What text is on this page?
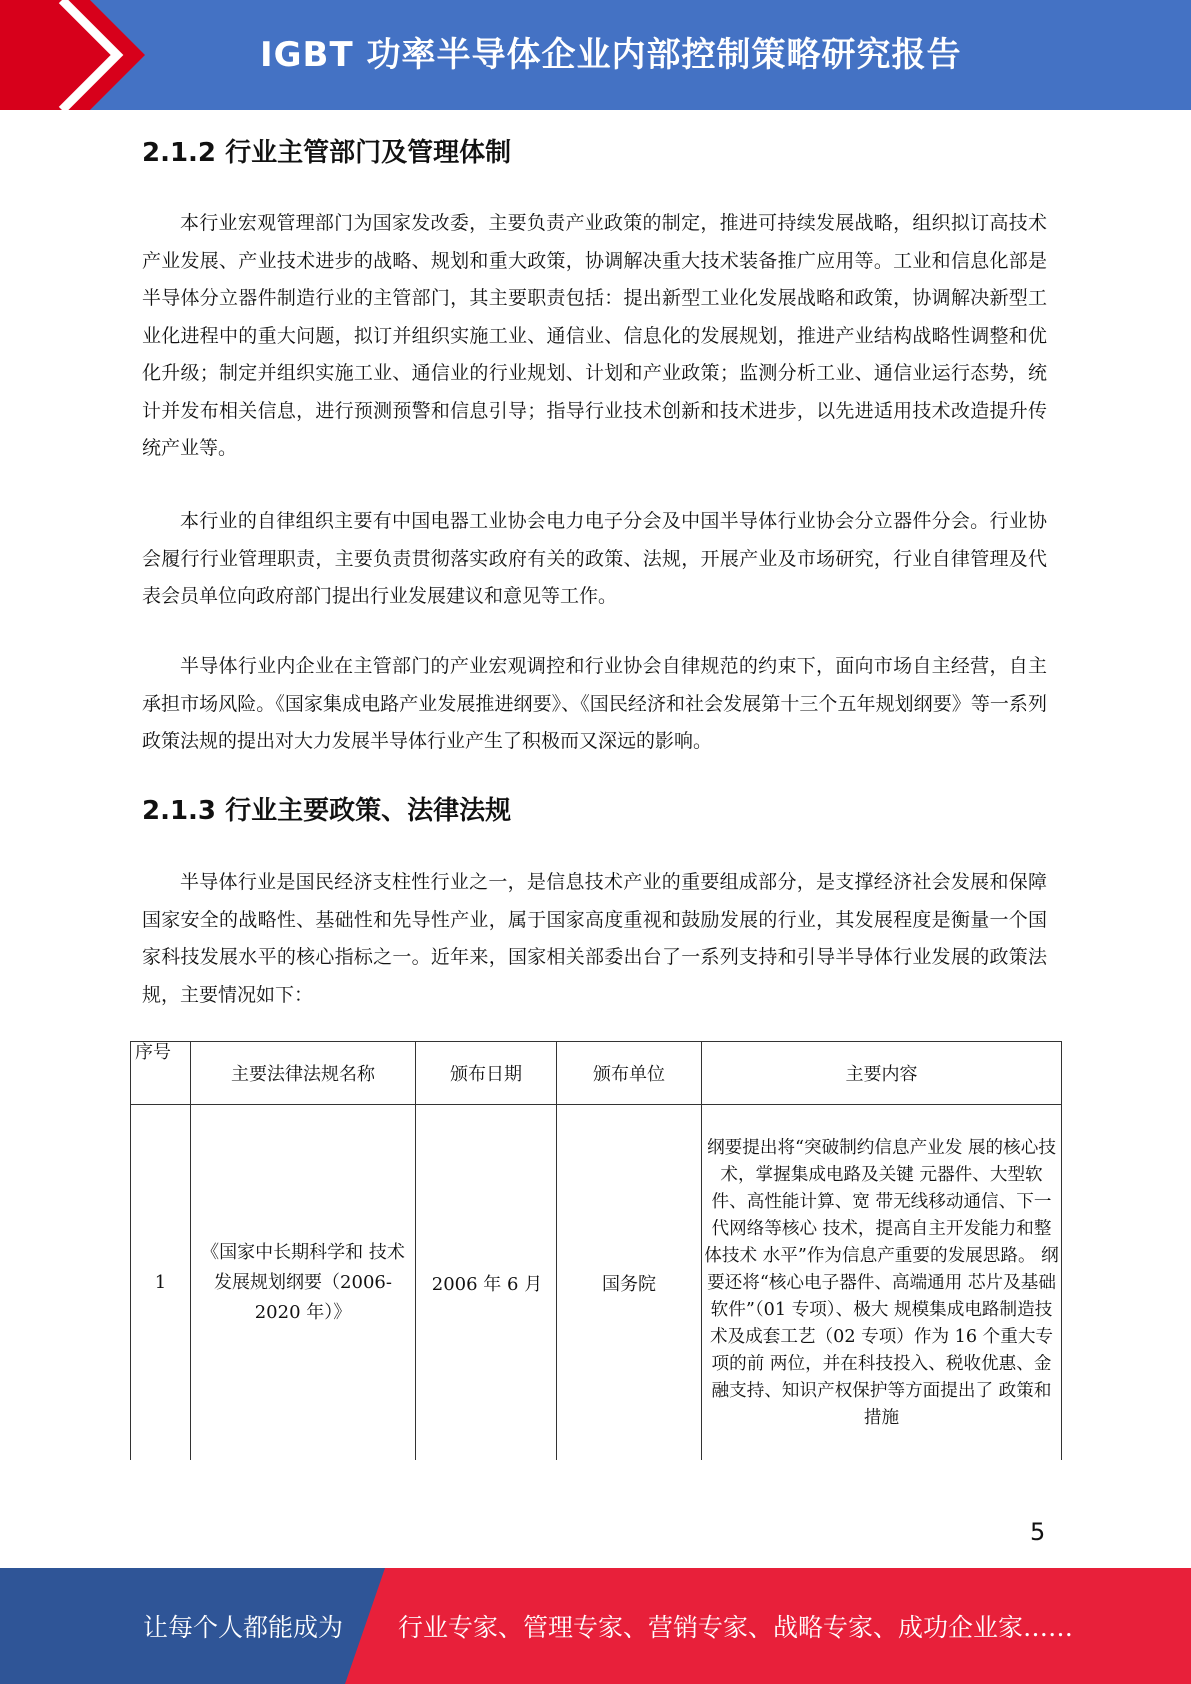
IGBT 功率半导体企业内部控制策略研究报告
2.1.2 行业主管部门及管理体制

本行业宏观管理部门为国家发改委，主要负责产业政策的制定，推进可持续发展战略，组织拟订高技术产业发展、产业技术进步的战略、规划和重大政策，协调解决重大技术装备推广应用等。工业和信息化部是半导体分立器件制造行业的主管部门，其主要职责包括：提出新型工业化发展战略和政策，协调解决新型工业化进程中的重大问题，拟订并组织实施工业、通信业、信息化的发展规划，推进产业结构战略性调整和优化升级；制定并组织实施工业、通信业的行业规划、计划和产业政策；监测分析工业、通信业运行态势，统计并发布相关信息，进行预测预警和信息引导；指导行业技术创新和技术进步，以先进适用技术改造提升传统产业等。

本行业的自律组织主要有中国电器工业协会电力电子分会及中国半导体行业协会分立器件分会。行业协会履行行业管理职责，主要负责贯彻落实政府有关的政策、法规，开展产业及市场研究，行业自律管理及代表会员单位向政府部门提出行业发展建议和意见等工作。

半导体行业内企业在主管部门的产业宏观调控和行业协会自律规范的约束下，面向市场自主经营，自主承担市场风险。《国家集成电路产业发展推进纲要》、《国民经济和社会发展第十三个五年规划纲要》等一系列政策法规的提出对大力发展半导体行业产生了积极而又深远的影响。

2.1.3 行业主要政策、法律法规

半导体行业是国民经济支柱性行业之一，是信息技术产业的重要组成部分，是支撑经济社会发展和保障国家安全的战略性、基础性和先导性产业，属于国家高度重视和鼓励发展的行业，其发展程度是衡量一个国家科技发展水平的核心指标之一。近年来，国家相关部委出台了一系列支持和引导半导体行业发展的政策法规，主要情况如下：

序号	主要法律法规名称	颁布日期	颁布单位	主要内容
1	《国家中长期科学和 技术发展规划纲要（2006-2020 年）》	2006 年 6 月	国务院	纲要提出将“突破制约信息产业发 展的核心技术，掌握集成电路及关键 元器件、大型软件、高性能计算、宽 带无线移动通信、下一代网络等核心 技术，提高自主开发能力和整体技术 水平”作为信息产重要的发展思路。 纲要还将“核心电子器件、高端通用 芯片及基础软件”（01 专项）、极大 规模集成电路制造技术及成套工艺（02 专项）作为 16 个重大专项的前 两位，并在科技投入、税收优惠、金 融支持、知识产权保护等方面提出了 政策和措施
5
让每个人都能成为 行业专家、管理专家、营销专家、战略专家、成功企业家……
